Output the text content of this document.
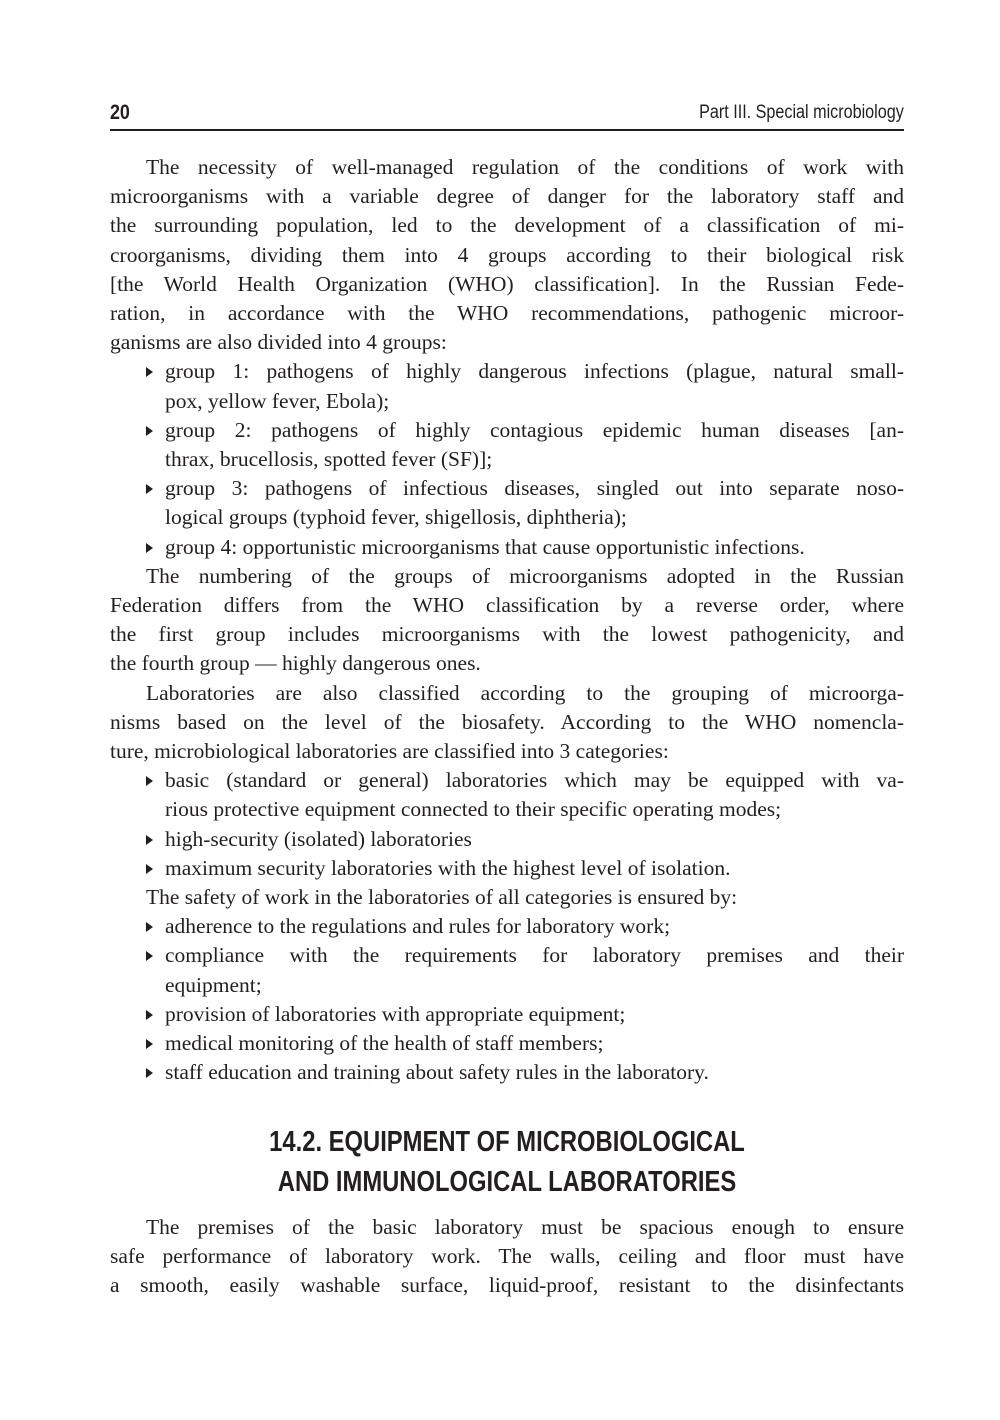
20	Part III. Special microbiology
The necessity of well-managed regulation of the conditions of work with
microorganisms with a variable degree of danger for the laboratory staff and
the surrounding population, led to the development of a classification of mi-
croorganisms, dividing them into 4 groups according to their biological risk
[the World Health Organization (WHO) classification]. In the Russian Fede-
ration, in accordance with the WHO recommendations, pathogenic microor-
ganisms are also divided into 4 groups:
group 1: pathogens of highly dangerous infections (plague, natural small-
pox, yellow fever, Ebola);
group 2: pathogens of highly contagious epidemic human diseases [an-
thrax, brucellosis, spotted fever (SF)];
group 3: pathogens of infectious diseases, singled out into separate noso-
logical groups (typhoid fever, shigellosis, diphtheria);
group 4: opportunistic microorganisms that cause opportunistic infections.
The numbering of the groups of microorganisms adopted in the Russian
Federation differs from the WHO classification by a reverse order, where
the first group includes microorganisms with the lowest pathogenicity, and
the fourth group — highly dangerous ones.
Laboratories are also classified according to the grouping of microorga-
nisms based on the level of the biosafety. According to the WHO nomencla-
ture, microbiological laboratories are classified into 3 categories:
basic (standard or general) laboratories which may be equipped with va-
rious protective equipment connected to their specific operating modes;
high-security (isolated) laboratories
maximum security laboratories with the highest level of isolation.
The safety of work in the laboratories of all categories is ensured by:
adherence to the regulations and rules for laboratory work;
compliance with the requirements for laboratory premises and their
equipment;
provision of laboratories with appropriate equipment;
medical monitoring of the health of staff members;
staff education and training about safety rules in the laboratory.
14.2. EQUIPMENT OF MICROBIOLOGICAL
AND IMMUNOLOGICAL LABORATORIES
The premises of the basic laboratory must be spacious enough to ensure
safe performance of laboratory work. The walls, ceiling and floor must have
a smooth, easily washable surface, liquid-proof, resistant to the disinfectants
